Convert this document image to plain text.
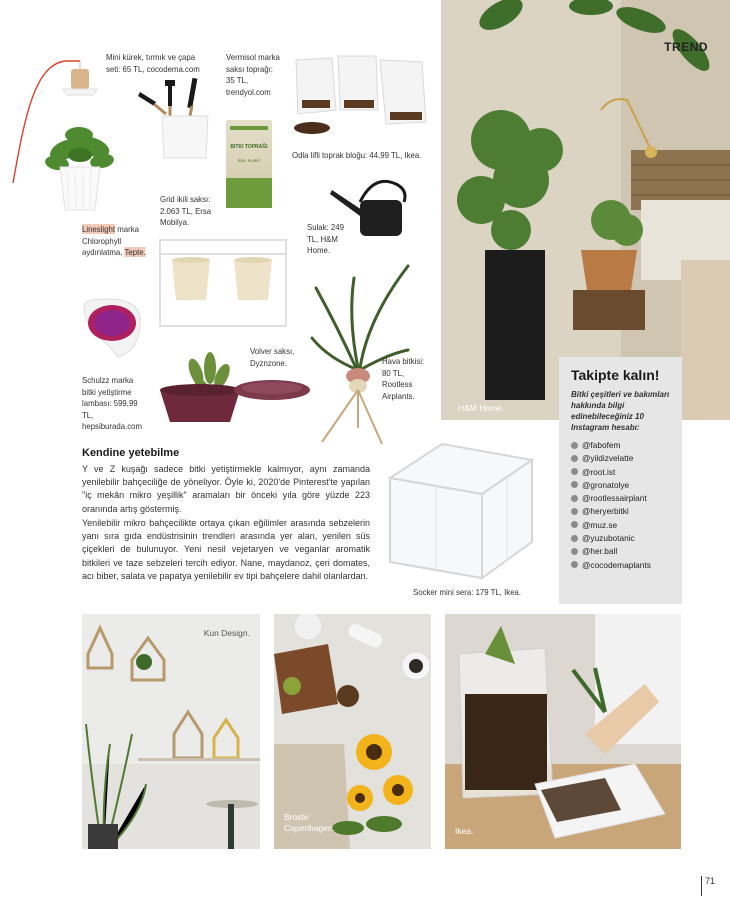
Lineslight marka Chlorophyll aydınlatma, Tepte.
Mini kürek, tırmık ve çapa seti: 65 TL, cocodema.com
Vermisol marka saksı toprağı: 35 TL, trendyol.com
BITKI TOPRAĞI
SOIL PLANT
Odla lifli toprak bloğu: 44,99 TL, Ikea.
Grid ikili saksı: 2.063 TL, Ersa Mobilya.	Sulak: 249 TL, H&M Home.
Schulzz marka bitki yetiştirme lambası: 599,99 TL, hepsiburada.com
Volver saksı, Dyznzone.	Hava bitkisi: 80 TL, Rootless Airplants.
Socker mini sera: 179 TL, Ikea.
TREND
H&M Home.
Takipte kalın!
Bitki çeşitleri ve bakımları hakkında bilgi edinebileceğiniz 10 Instagram hesabı:
@fabofem
@yildizvelatte
@root.ist
@gronatolye
@rootlessairplant
@heryerbitki
@muz.se
@yuzubotanic
@her.ball
@cocodemaplants
Kendine yetebilme

Y ve Z kuşağı sadece bitki yetiştirmekle kalmıyor, aynı zamanda yenilebilir bahçeciliğe de yöneliyor. Öyle ki, 2020'de Pinterest'te yapılan "iç mekân mikro yeşillik" aramaları bir önceki yıla göre yüzde 223 oranında artış göstermiş.

Yenilebilir mikro bahçecilikte ortaya çıkan eğilimler arasında sebzelerin yanı sıra gıda endüstrisinin trendleri arasında yer alan, yenilen süs çiçekleri de bulunuyor. Yeni nesil vejetaryen ve veganlar aromatik bitkileri ve taze sebzeleri tercih ediyor. Nane, maydanoz, çeri domates, acı biber, salata ve papatya yenilebilir ev tipi bahçelere dahil olanlardan.

Kun Design.
Broste Copenhagen.	Ikea.
71
